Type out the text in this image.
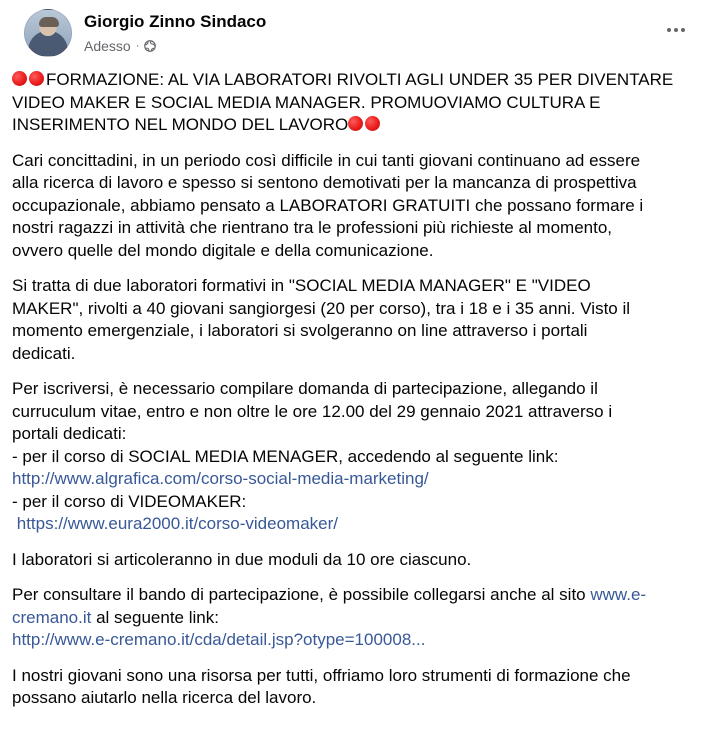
Giorgio Zinno Sindaco
Adesso ·

FORMAZIONE: AL VIA LABORATORI RIVOLTI AGLI UNDER 35 PER DIVENTARE
VIDEO MAKER E SOCIAL MEDIA MANAGER. PROMUOVIAMO CULTURA E
INSERIMENTO NEL MONDO DEL LAVORO

Cari concittadini, in un periodo così difficile in cui tanti giovani continuano ad essere
alla ricerca di lavoro e spesso si sentono demotivati per la mancanza di prospettiva
occupazionale, abbiamo pensato a LABORATORI GRATUITI che possano formare i
nostri ragazzi in attività che rientrano tra le professioni più richieste al momento,
ovvero quelle del mondo digitale e della comunicazione.

Si tratta di due laboratori formativi in "SOCIAL MEDIA MANAGER" E "VIDEO
MAKER", rivolti a 40 giovani sangiorgesi (20 per corso), tra i 18 e i 35 anni. Visto il
momento emergenziale, i laboratori si svolgeranno on line attraverso i portali
dedicati.

Per iscriversi, è necessario compilare domanda di partecipazione, allegando il
curruculum vitae, entro e non oltre le ore 12.00 del 29 gennaio 2021 attraverso i
portali dedicati:
- per il corso di SOCIAL MEDIA MENAGER, accedendo al seguente link:
http://www.algrafica.com/corso-social-media-marketing/
- per il corso di VIDEOMAKER:
https://www.eura2000.it/corso-videomaker/

I laboratori si articoleranno in due moduli da 10 ore ciascuno.

Per consultare il bando di partecipazione, è possibile collegarsi anche al sito www.e-
cremano.it al seguente link:
http://www.e-cremano.it/cda/detail.jsp?otype=100008...

I nostri giovani sono una risorsa per tutti, offriamo loro strumenti di formazione che
possano aiutarlo nella ricerca del lavoro.
